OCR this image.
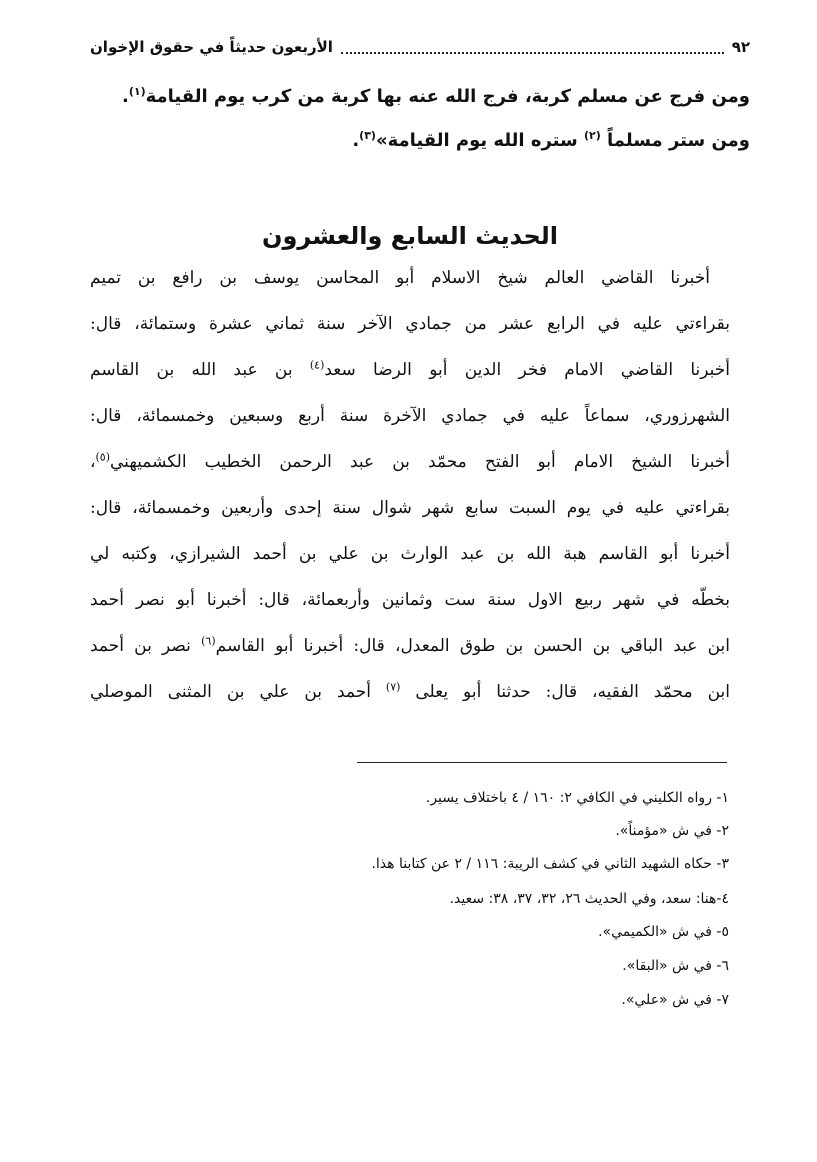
٩٢
الأربعون حديثاً في حقوق الإخوان
ومن فرج عن مسلم كربة، فرج الله عنه بها كربة من كرب يوم القيامة$^{(١)}$.
ومن ستر مسلماً $^{(٢)}$ ستره الله يوم القيامة»$^{(٣)}$.
الحديث السابع والعشرون
أخبرنا القاضي العالم شيخ الاسلام أبو المحاسن يوسف بن رافع بن تميم
بقراءتي عليه في الرابع عشر من جمادي الآخر سنة ثماني عشرة وستمائة، قال:
أخبرنا القاضي الامام فخر الدين أبو الرضا سعد$^{(٤)}$ بن عبد الله بن القاسم
الشهرزوري، سماعاً عليه في جمادي الآخرة سنة أربع وسبعين وخمسمائة، قال:
أخبرنا الشيخ الامام أبو الفتح محمّد بن عبد الرحمن الخطيب الكشميهني$^{(٥)}$،
بقراءتي عليه في يوم السبت سابع شهر شوال سنة إحدى وأربعين وخمسمائة، قال:
أخبرنا أبو القاسم هبة الله بن عبد الوارث بن علي بن أحمد الشيرازي، وكتبه لي
بخطّه في شهر ربيع الاول سنة ست وثمانين وأربعمائة، قال: أخبرنا أبو نصر أحمد
ابن عبد الباقي بن الحسن بن طوق المعدل، قال: أخبرنا أبو القاسم$^{(٦)}$ نصر بن أحمد
ابن محمّد الفقيه، قال: حدثنا أبو يعلى $^{(٧)}$ أحمد بن علي بن المثنى الموصلي
١- رواه الكليني في الكافي ٢: ١٦٠ / ٤ باختلاف يسير.
٢- في ش «مؤمناً».
٣- حكاه الشهيد الثاني في كشف الريبة: ١١٦ / ٢ عن كتابنا هذا.
٤-هنا: سعد، وفي الحديث ٢٦، ٣٢، ٣٧، ٣٨: سعيد.
٥- في ش «الكميمي».
٦- في ش «البقا».
٧- في ش «علي».
